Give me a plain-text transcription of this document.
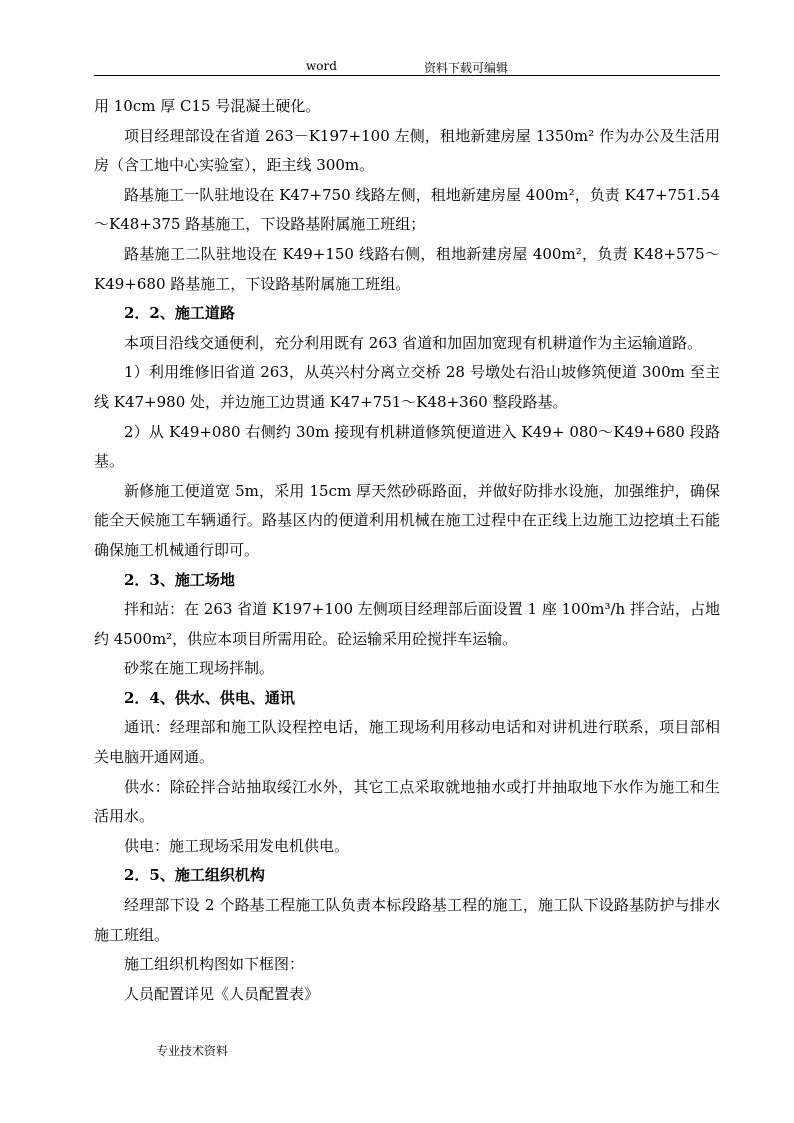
word	资料下载可编辑

用 10cm 厚 C15 号混凝土硬化。

项目经理部设在省道 263－K197+100 左侧，租地新建房屋 1350m² 作为办公及生活用房（含工地中心实验室），距主线 300m。

路基施工一队驻地设在 K47+750 线路左侧，租地新建房屋 400m²，负责 K47+751.54～K48+375 路基施工，下设路基附属施工班组；

路基施工二队驻地设在 K49+150 线路右侧，租地新建房屋 400m²，负责 K48+575～K49+680 路基施工，下设路基附属施工班组。

2．2、施工道路

本项目沿线交通便利，充分利用既有 263 省道和加固加宽现有机耕道作为主运输道路。

1）利用维修旧省道 263，从英兴村分离立交桥 28 号墩处右沿山坡修筑便道 300m 至主线 K47+980 处，并边施工边贯通 K47+751～K48+360 整段路基。

2）从 K49+080 右侧约 30m 接现有机耕道修筑便道进入 K49+ 080～K49+680 段路基。

新修施工便道宽 5m，采用 15cm 厚天然砂砾路面，并做好防排水设施，加强维护，确保能全天候施工车辆通行。路基区内的便道利用机械在施工过程中在正线上边施工边挖填土石能确保施工机械通行即可。

2．3、施工场地

拌和站：在 263 省道 K197+100 左侧项目经理部后面设置 1 座 100m³/h 拌合站，占地约 4500m²，供应本项目所需用砼。砼运输采用砼搅拌车运输。

砂浆在施工现场拌制。

2．4、供水、供电、通讯

通讯：经理部和施工队设程控电话，施工现场利用移动电话和对讲机进行联系，项目部相关电脑开通网通。

供水：除砼拌合站抽取绥江水外，其它工点采取就地抽水或打井抽取地下水作为施工和生活用水。

供电：施工现场采用发电机供电。

2．5、施工组织机构

经理部下设 2 个路基工程施工队负责本标段路基工程的施工，施工队下设路基防护与排水施工班组。

施工组织机构图如下框图：

人员配置详见《人员配置表》

专业技术资料
